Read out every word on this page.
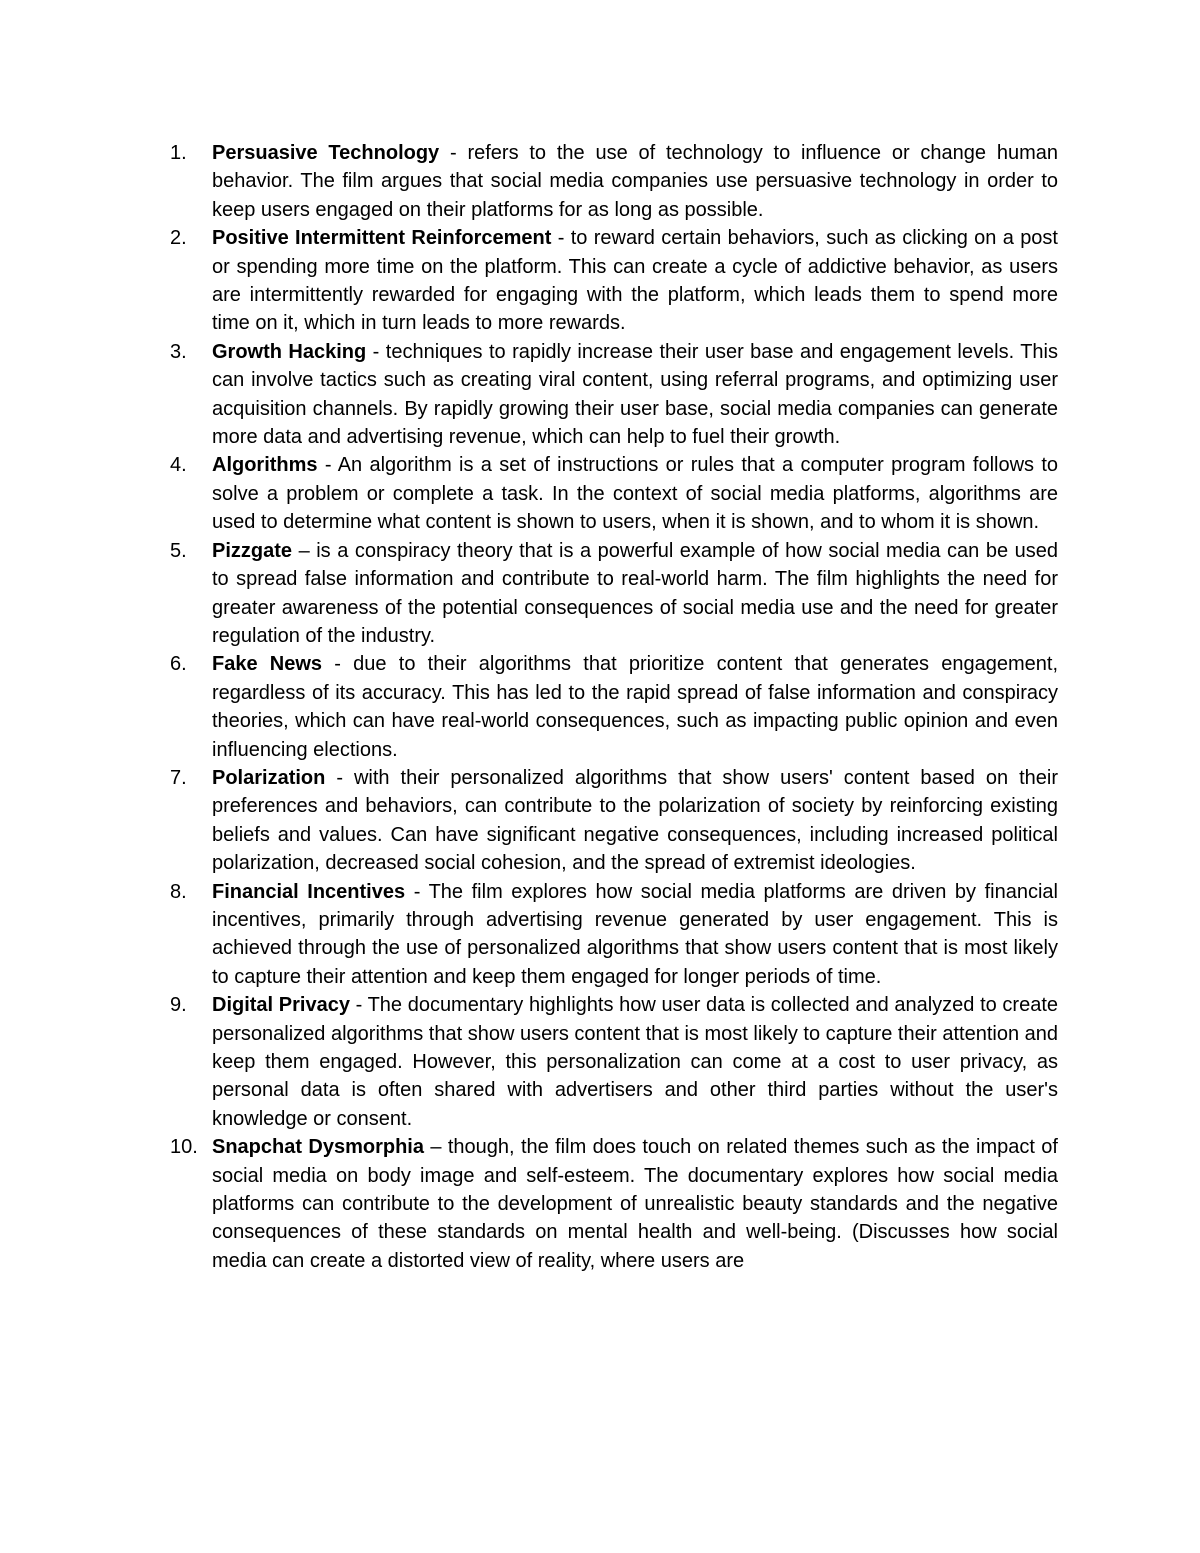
1.	Persuasive Technology - refers to the use of technology to influence or change human behavior. The film argues that social media companies use persuasive technology in order to keep users engaged on their platforms for as long as possible.
2.	Positive Intermittent Reinforcement - to reward certain behaviors, such as clicking on a post or spending more time on the platform. This can create a cycle of addictive behavior, as users are intermittently rewarded for engaging with the platform, which leads them to spend more time on it, which in turn leads to more rewards.
3.	Growth Hacking - techniques to rapidly increase their user base and engagement levels. This can involve tactics such as creating viral content, using referral programs, and optimizing user acquisition channels. By rapidly growing their user base, social media companies can generate more data and advertising revenue, which can help to fuel their growth.
4.	Algorithms - An algorithm is a set of instructions or rules that a computer program follows to solve a problem or complete a task. In the context of social media platforms, algorithms are used to determine what content is shown to users, when it is shown, and to whom it is shown.
5.	Pizzgate – is a conspiracy theory that is a powerful example of how social media can be used to spread false information and contribute to real-world harm. The film highlights the need for greater awareness of the potential consequences of social media use and the need for greater regulation of the industry.
6.	Fake News - due to their algorithms that prioritize content that generates engagement, regardless of its accuracy. This has led to the rapid spread of false information and conspiracy theories, which can have real-world consequences, such as impacting public opinion and even influencing elections.
7.	Polarization - with their personalized algorithms that show users' content based on their preferences and behaviors, can contribute to the polarization of society by reinforcing existing beliefs and values. Can have significant negative consequences, including increased political polarization, decreased social cohesion, and the spread of extremist ideologies.
8.	Financial Incentives - The film explores how social media platforms are driven by financial incentives, primarily through advertising revenue generated by user engagement. This is achieved through the use of personalized algorithms that show users content that is most likely to capture their attention and keep them engaged for longer periods of time.
9.	Digital Privacy - The documentary highlights how user data is collected and analyzed to create personalized algorithms that show users content that is most likely to capture their attention and keep them engaged. However, this personalization can come at a cost to user privacy, as personal data is often shared with advertisers and other third parties without the user's knowledge or consent.
10. Snapchat Dysmorphia – though, the film does touch on related themes such as the impact of social media on body image and self-esteem. The documentary explores how social media platforms can contribute to the development of unrealistic beauty standards and the negative consequences of these standards on mental health and well-being. (Discusses how social media can create a distorted view of reality, where users are
